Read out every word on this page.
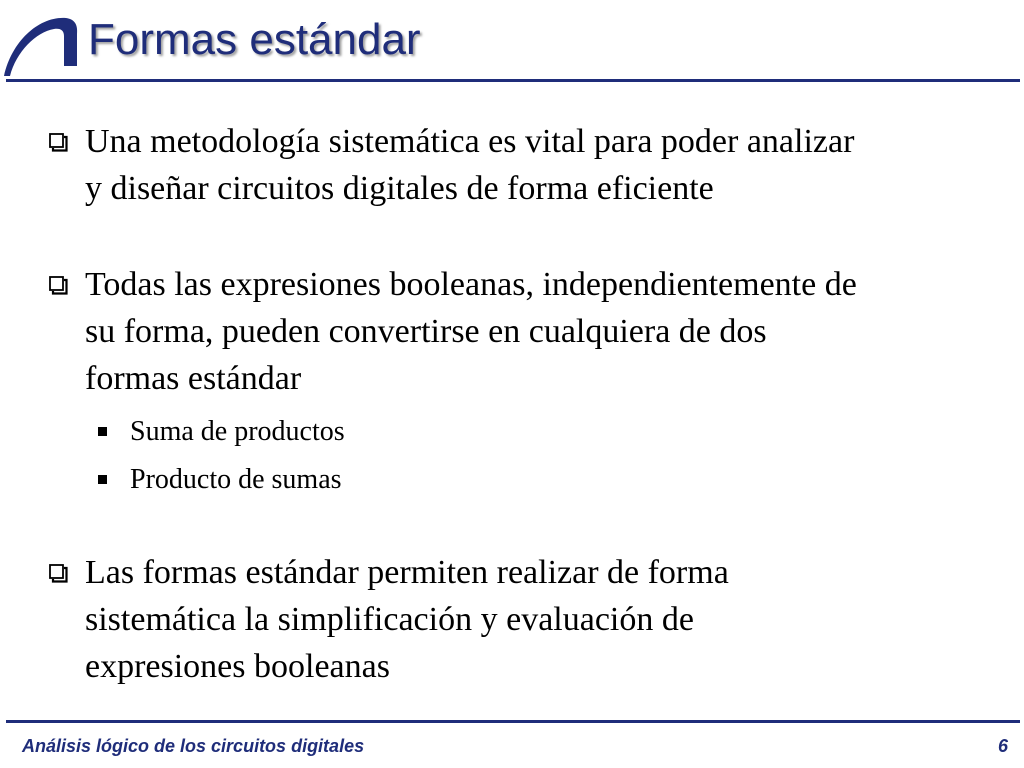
Formas estándar
Una metodología sistemática es vital para poder analizar
y diseñar circuitos digitales de forma eficiente
Todas las expresiones booleanas, independientemente de
su forma, pueden convertirse en cualquiera de dos
formas estándar
Suma de productos
Producto de sumas
Las formas estándar permiten realizar de forma
sistemática la simplificación y evaluación de
expresiones booleanas
Análisis lógico de los circuitos digitales	6
